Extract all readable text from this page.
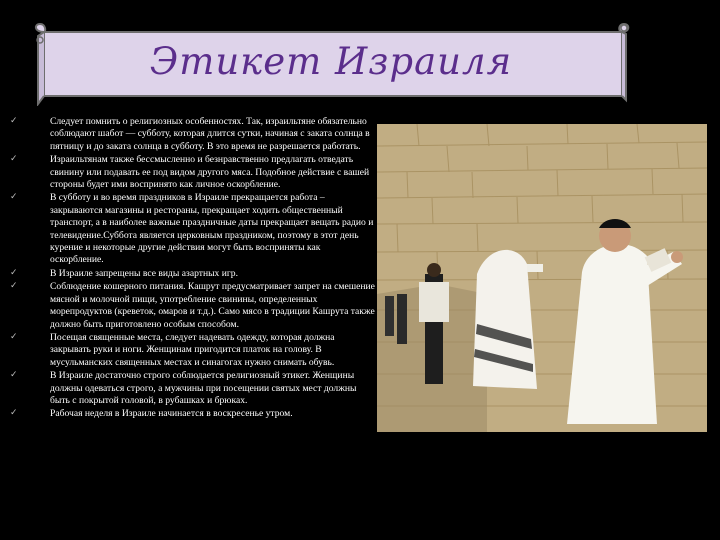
Этикет Израиля
✓	Следует помнить о религиозных особенностях. Так, израильтяне обязательно соблюдают шабот — субботу, которая длится сутки, начиная с заката солнца в пятницу и до заката солнца в субботу. В это время не разрешается работать.
✓	Израильтянам также бессмысленно и безнравственно предлагать отведать свинину или подавать ее под видом другого мяса. Подобное действие с вашей стороны будет ими воспринято как личное оскорбление.
✓	В субботу и во время праздников в Израиле прекращается работа – закрываются магазины и рестораны, прекращает ходить общественный транспорт, а в наиболее важные праздничные даты прекращает вещать радио и телевидение.Суббота является церковным праздником, поэтому в этот день курение и некоторые другие действия могут быть восприняты как оскорбление.
✓	В Израиле запрещены все виды азартных игр.
✓	Соблюдение кошерного питания. Кашрут предусматривает запрет на смешение мясной и молочной пищи, употребление свинины, определенных морепродуктов (креветок, омаров и т.д.). Само мясо в традиции Кашрута также должно быть приготовлено особым способом.
✓	Посещая священные места, следует надевать одежду, которая должна закрывать руки и ноги. Женщинам пригодится платок на голову. В мусульманских священных местах и синагогах нужно снимать обувь.
✓	В Израиле достаточно строго соблюдается религиозный этикет. Женщины должны одеваться строго, а мужчины при посещении святых мест должны быть с покрытой головой, в рубашках и брюках.
✓	Рабочая неделя в Израиле начинается в воскресенье утром.
